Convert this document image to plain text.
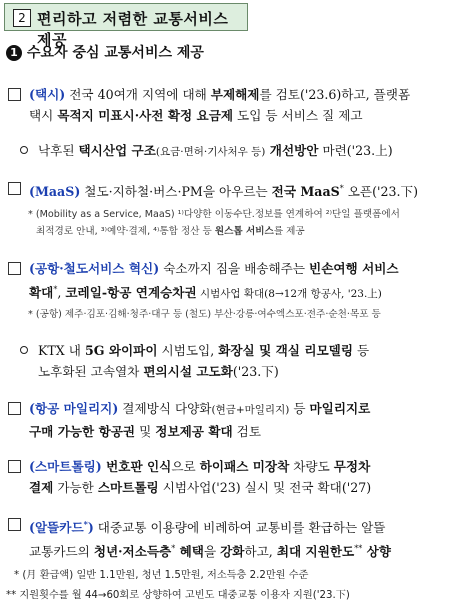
2 편리하고 저렴한 교통서비스 제공
1 수요자 중심 교통서비스 제공
(택시) 전국 40여개 지역에 대해 부제해제를 검토('23.6)하고, 플랫폼
택시 목적지 미표시·사전 확정 요금제 도입 등 서비스 질 제고
낙후된 택시산업 구조(요금·면허·기사처우 등) 개선방안 마련('23.上)
(MaaS) 철도·지하철·버스·PM을 아우르는 전국 MaaS* 오픈('23.下)
* (Mobility as a Service, MaaS) ¹⁾다양한 이동수단.정보를 연계하여 ²⁾단일 플랫폼에서
최적경로 안내, ³⁾예약·결제, ⁴⁾통합 정산 등 원스톱 서비스를 제공
(공항·철도서비스 혁신) 숙소까지 짐을 배송해주는 빈손여행 서비스
확대*, 코레일-항공 연계승차권 시범사업 확대(8→12개 항공사, '23.上)
* (공항) 제주·김포·김해·청주·대구 등 (철도) 부산·강릉·여수엑스포·전주·순천·목포 등
KTX 내 5G 와이파이 시범도입, 화장실 및 객실 리모델링 등
노후화된 고속열차 편의시설 고도화('23.下)
(항공 마일리지) 결제방식 다양화(현금+마일리지) 등 마일리지로
구매 가능한 항공권 및 정보제공 확대 검토
(스마트톨링) 번호판 인식으로 하이패스 미장착 차량도 무정차
결제 가능한 스마트톨링 시범사업('23) 실시 및 전국 확대('27)
(알뜰카드*) 대중교통 이용량에 비례하여 교통비를 환급하는 알뜰
교통카드의 청년·저소득층* 혜택을 강화하고, 최대 지원한도** 상향
* (月 환급액) 일반 1.1만원, 청년 1.5만원, 저소득층 2.2만원 수준
** 지원횟수를 월 44→60회로 상향하여 고빈도 대중교통 이용자 지원('23.下)
